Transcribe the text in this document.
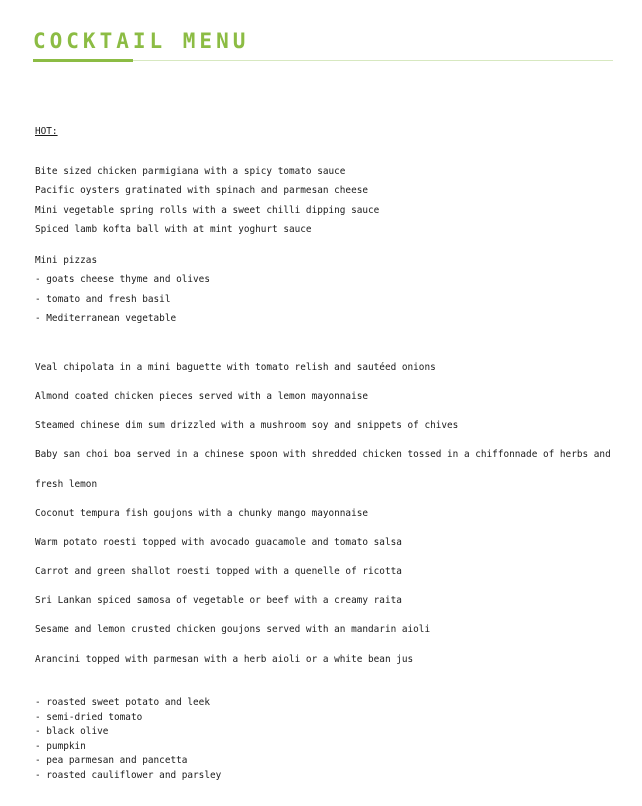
COCKTAIL MENU
HOT:
Bite sized chicken parmigiana with a spicy tomato sauce
Pacific oysters gratinated with spinach and parmesan cheese
Mini vegetable spring rolls with a sweet chilli dipping sauce
Spiced lamb kofta ball with at mint yoghurt sauce
Mini pizzas
- goats cheese thyme and olives
- tomato and fresh basil
- Mediterranean vegetable
Veal chipolata in a mini baguette with tomato relish and sautéed onions
Almond coated chicken pieces served with a lemon mayonnaise
Steamed chinese dim sum drizzled with a mushroom soy and snippets of chives
Baby san choi boa served in a chinese spoon with shredded chicken tossed in a chiffonnade of herbs and
fresh lemon
Coconut tempura fish goujons with a chunky mango mayonnaise
Warm potato roesti topped with avocado guacamole and tomato salsa
Carrot and green shallot roesti topped with a quenelle of ricotta
Sri Lankan spiced samosa of vegetable or beef with a creamy raita
Sesame and lemon crusted chicken goujons served with an mandarin aioli
Arancini topped with parmesan with a herb aioli or a white bean jus
- roasted sweet potato and leek
- semi-dried tomato
- black olive
- pumpkin
- pea parmesan and pancetta
- roasted cauliflower and parsley
